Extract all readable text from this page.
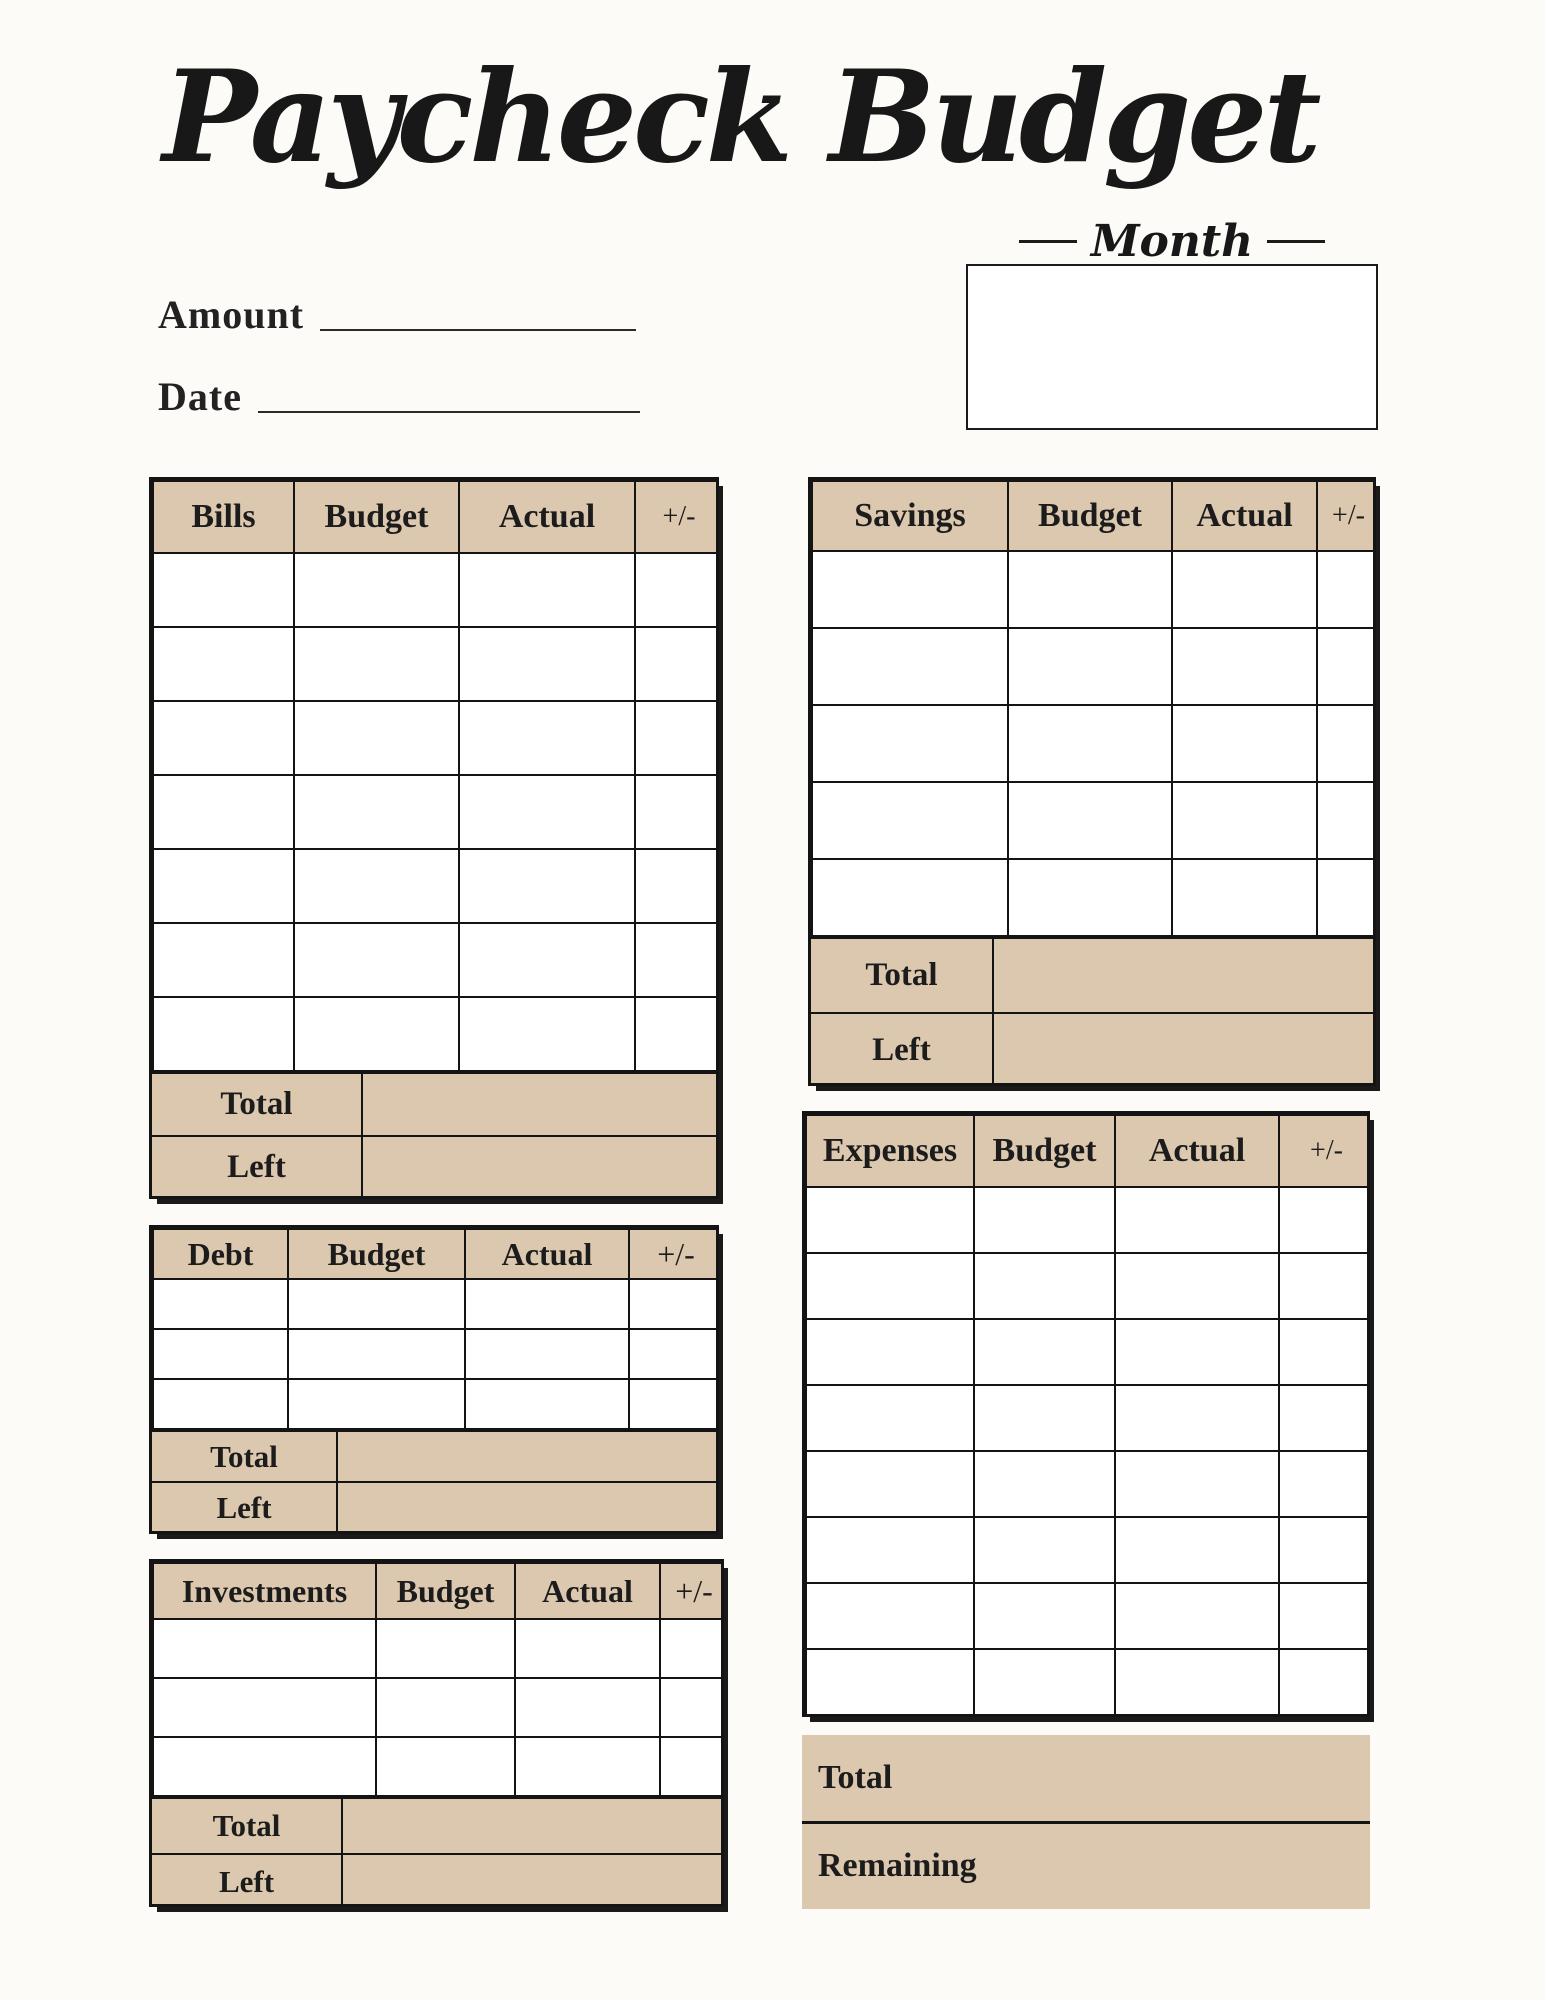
Paycheck Budget
Month
Amount
Date
Bills	Budget	Actual	+/-

Total
Left
Debt	Budget	Actual	+/-

Total
Left
Investments	Budget	Actual	+/-

Total
Left
Savings	Budget	Actual	+/-

Total
Left
Expenses	Budget	Actual	+/-

Total
Remaining
